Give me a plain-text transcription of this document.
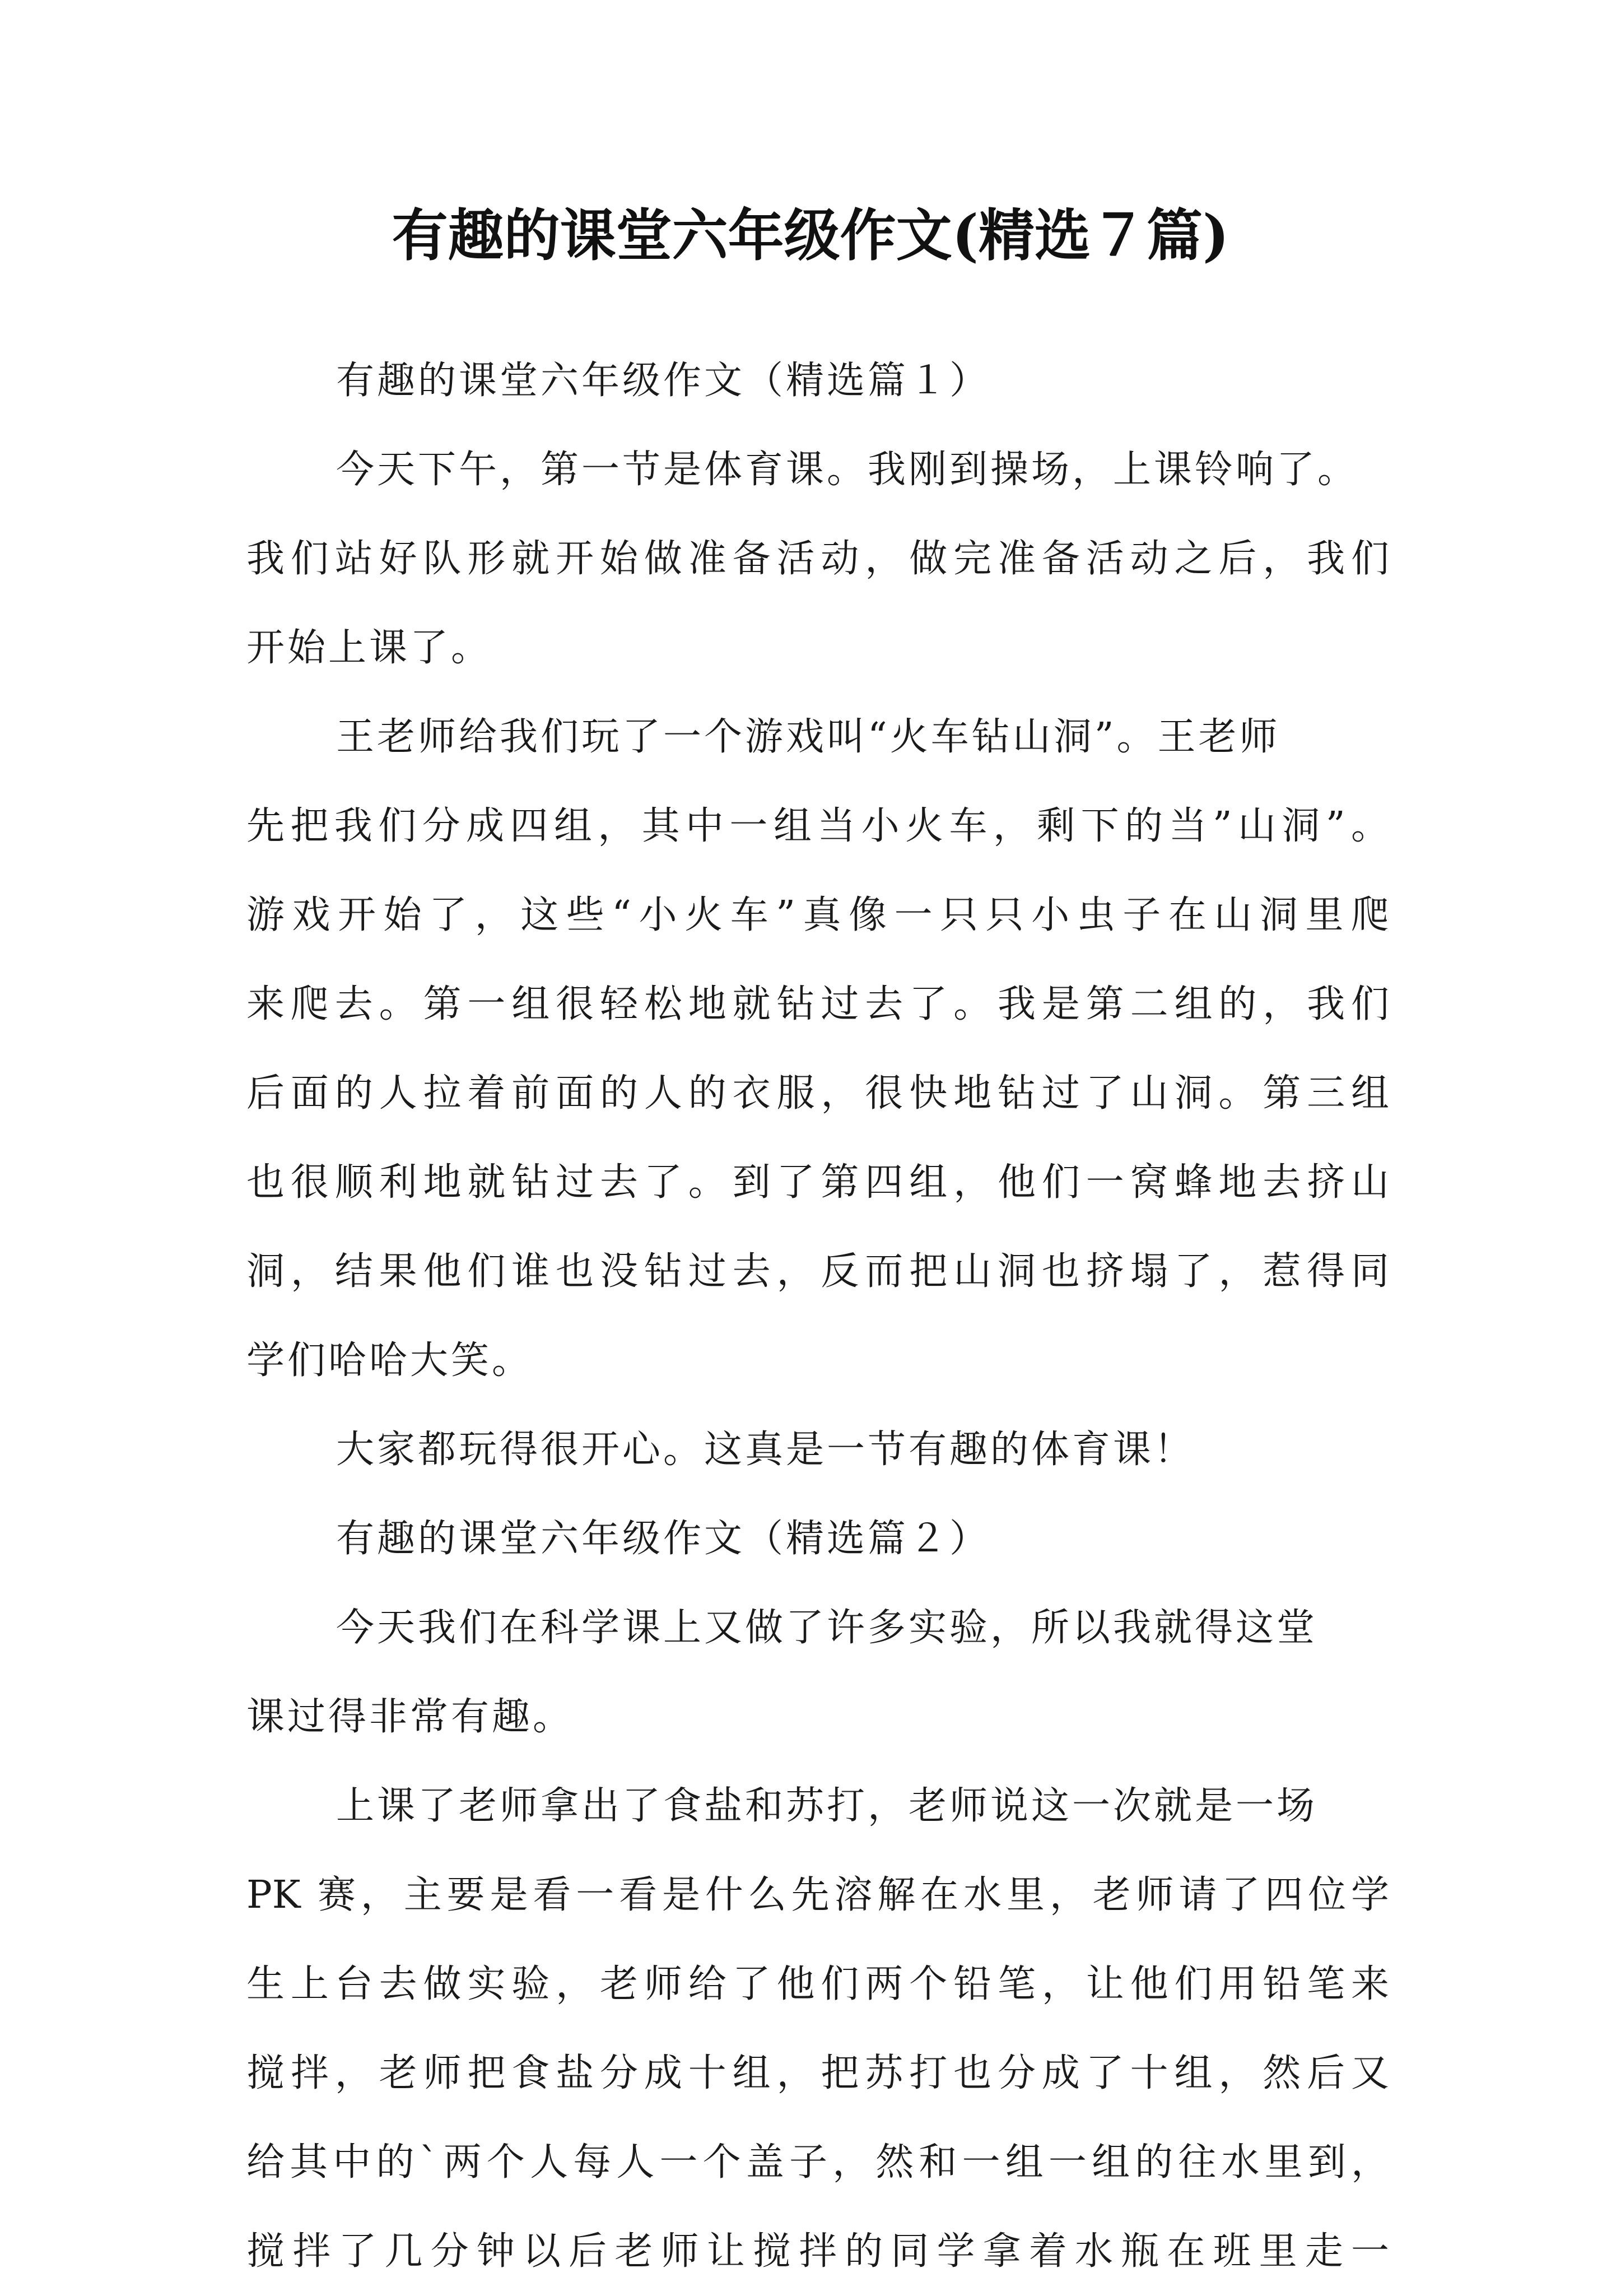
有趣的课堂六年级作文(精选７篇)
有趣的课堂六年级作文（精选篇１）
今天下午，第一节是体育课。我刚到操场，上课铃响了。
我们站好队形就开始做准备活动，做完准备活动之后，我们
开始上课了。
王老师给我们玩了一个游戏叫“火车钻山洞”。王老师
先把我们分成四组，其中一组当小火车，剩下的当”山洞”。
游戏开始了，这些“小火车”真像一只只小虫子在山洞里爬
来爬去。第一组很轻松地就钻过去了。我是第二组的，我们
后面的人拉着前面的人的衣服，很快地钻过了山洞。第三组
也很顺利地就钻过去了。到了第四组，他们一窝蜂地去挤山
洞，结果他们谁也没钻过去，反而把山洞也挤塌了，惹得同
学们哈哈大笑。
大家都玩得很开心。这真是一节有趣的体育课！
有趣的课堂六年级作文（精选篇２）
今天我们在科学课上又做了许多实验，所以我就得这堂
课过得非常有趣。
上课了老师拿出了食盐和苏打，老师说这一次就是一场
PK 赛，主要是看一看是什么先溶解在水里，老师请了四位学
生上台去做实验，老师给了他们两个铅笔，让他们用铅笔来
搅拌，老师把食盐分成十组，把苏打也分成了十组，然后又
给其中的`两个人每人一个盖子，然和一组一组的往水里到，
搅拌了几分钟以后老师让搅拌的同学拿着水瓶在班里走一
